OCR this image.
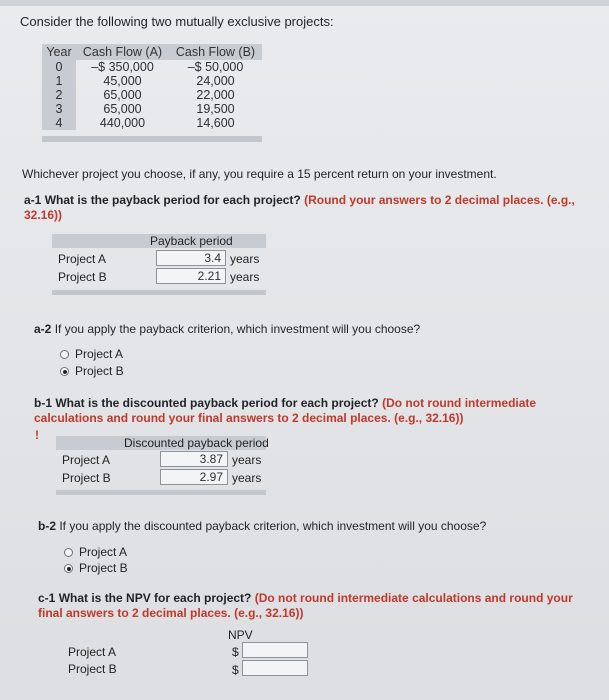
Consider the following two mutually exclusive projects:
Year	Cash Flow (A)	Cash Flow (B)
0	–$ 350,000	–$ 50,000
1	45,000	24,000
2	65,000	22,000
3	65,000	19,500
4	440,000	14,600
Whichever project you choose, if any, you require a 15 percent return on your investment.
a-1 What is the payback period for each project? (Round your answers to 2 decimal places. (e.g., 32.16))
Payback period
Project A	3.4 years
Project B	2.21 years
a-2 If you apply the payback criterion, which investment will you choose?
Project A
Project B
b-1 What is the discounted payback period for each project? (Do not round intermediate calculations and round your final answers to 2 decimal places. (e.g., 32.16))
!
Discounted payback period
Project A	3.87 years
Project B	2.97 years
b-2 If you apply the discounted payback criterion, which investment will you choose?
Project A
Project B
c-1 What is the NPV for each project? (Do not round intermediate calculations and round your final answers to 2 decimal places. (e.g., 32.16))
NPV
Project A	$
Project B	$
